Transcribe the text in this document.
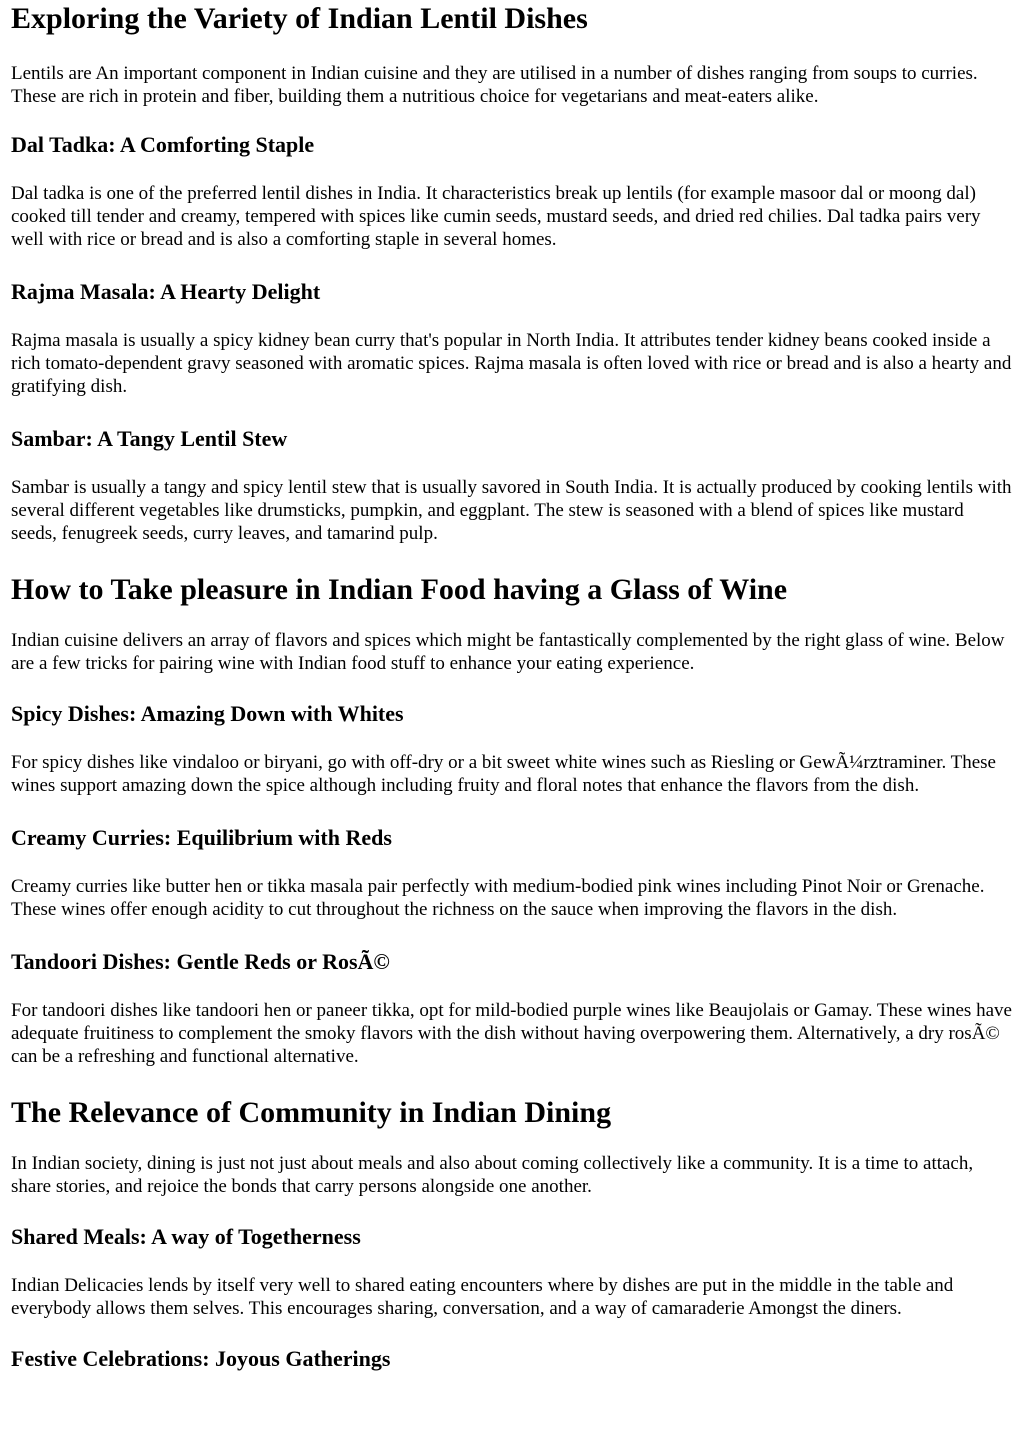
Exploring the Variety of Indian Lentil Dishes

Lentils are An important component in Indian cuisine and they are utilised in a number of dishes ranging from soups to curries. These are rich in protein and fiber, building them a nutritious choice for vegetarians and meat-eaters alike.

Dal Tadka: A Comforting Staple

Dal tadka is one of the preferred lentil dishes in India. It characteristics break up lentils (for example masoor dal or moong dal) cooked till tender and creamy, tempered with spices like cumin seeds, mustard seeds, and dried red chilies. Dal tadka pairs very well with rice or bread and is also a comforting staple in several homes.

Rajma Masala: A Hearty Delight

Rajma masala is usually a spicy kidney bean curry that's popular in North India. It attributes tender kidney beans cooked inside a rich tomato-dependent gravy seasoned with aromatic spices. Rajma masala is often loved with rice or bread and is also a hearty and gratifying dish.

Sambar: A Tangy Lentil Stew

Sambar is usually a tangy and spicy lentil stew that is usually savored in South India. It is actually produced by cooking lentils with several different vegetables like drumsticks, pumpkin, and eggplant. The stew is seasoned with a blend of spices like mustard seeds, fenugreek seeds, curry leaves, and tamarind pulp.

How to Take pleasure in Indian Food having a Glass of Wine

Indian cuisine delivers an array of flavors and spices which might be fantastically complemented by the right glass of wine. Below are a few tricks for pairing wine with Indian food stuff to enhance your eating experience.

Spicy Dishes: Amazing Down with Whites

For spicy dishes like vindaloo or biryani, go with off-dry or a bit sweet white wines such as Riesling or GewÃ¼rztraminer. These wines support amazing down the spice although including fruity and floral notes that enhance the flavors from the dish.

Creamy Curries: Equilibrium with Reds

Creamy curries like butter hen or tikka masala pair perfectly with medium-bodied pink wines including Pinot Noir or Grenache. These wines offer enough acidity to cut throughout the richness on the sauce when improving the flavors in the dish.

Tandoori Dishes: Gentle Reds or RosÃ©

For tandoori dishes like tandoori hen or paneer tikka, opt for mild-bodied purple wines like Beaujolais or Gamay. These wines have adequate fruitiness to complement the smoky flavors with the dish without having overpowering them. Alternatively, a dry rosÃ© can be a refreshing and functional alternative.

The Relevance of Community in Indian Dining

In Indian society, dining is just not just about meals and also about coming collectively like a community. It is a time to attach, share stories, and rejoice the bonds that carry persons alongside one another.

Shared Meals: A way of Togetherness

Indian Delicacies lends by itself very well to shared eating encounters where by dishes are put in the middle in the table and everybody allows them selves. This encourages sharing, conversation, and a way of camaraderie Amongst the diners.

Festive Celebrations: Joyous Gatherings
